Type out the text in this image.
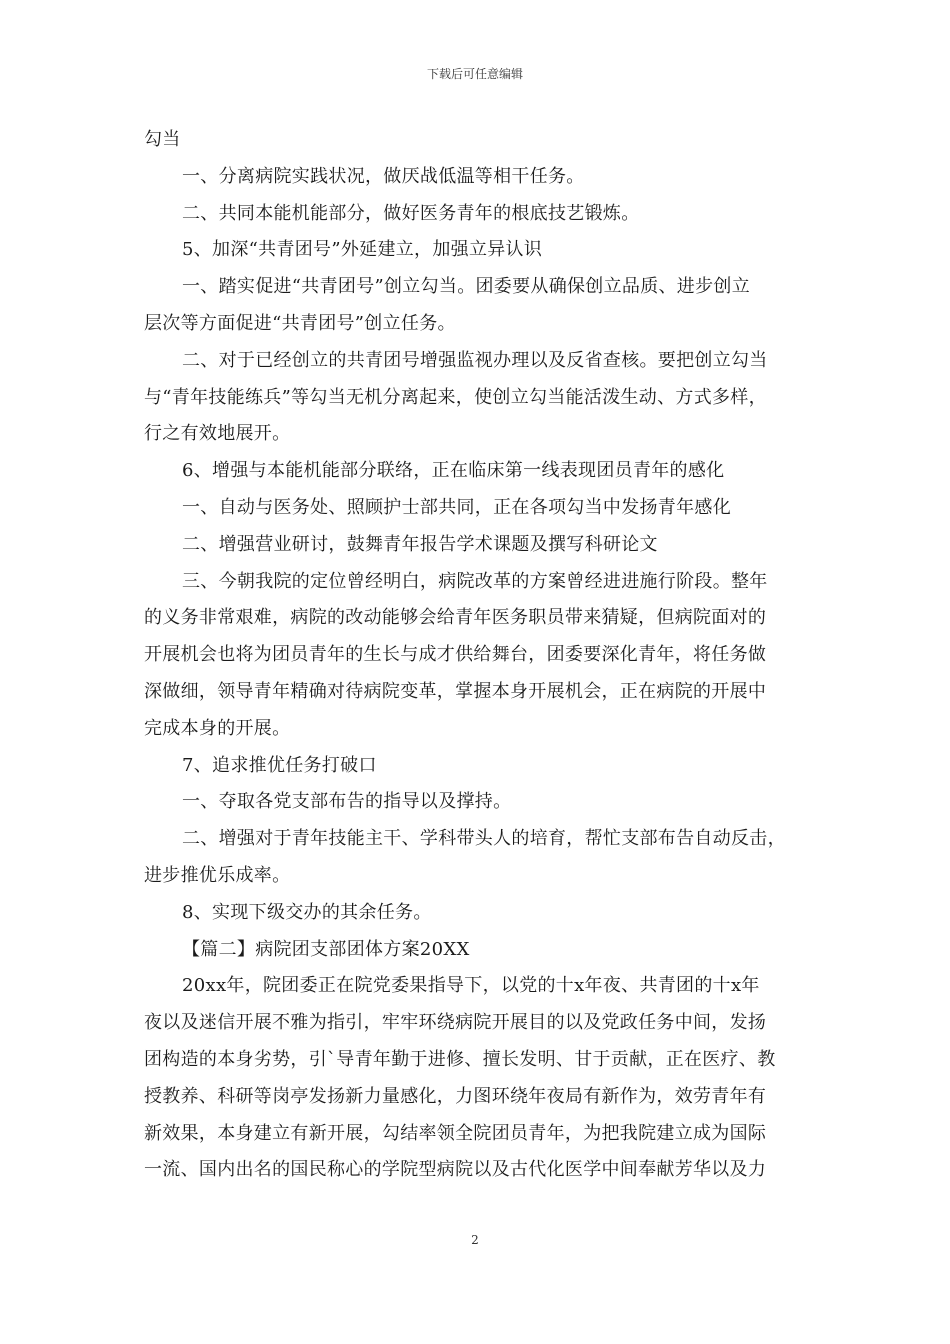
下载后可任意编辑
勾当
一、分离病院实践状况，做厌战低温等相干任务。
二、共同本能机能部分，做好医务青年的根底技艺锻炼。
5、加深“共青团号”外延建立，加强立异认识
一、踏实促进“共青团号”创立勾当。团委要从确保创立品质、进步创立
层次等方面促进“共青团号”创立任务。
二、对于已经创立的共青团号增强监视办理以及反省查核。要把创立勾当
与“青年技能练兵”等勾当无机分离起来，使创立勾当能活泼生动、方式多样，
行之有效地展开。
6、增强与本能机能部分联络，正在临床第一线表现团员青年的感化
一、自动与医务处、照顾护士部共同，正在各项勾当中发扬青年感化
二、增强营业研讨，鼓舞青年报告学术课题及撰写科研论文
三、今朝我院的定位曾经明白，病院改革的方案曾经进进施行阶段。整年
的义务非常艰难，病院的改动能够会给青年医务职员带来猜疑，但病院面对的
开展机会也将为团员青年的生长与成才供给舞台，团委要深化青年，将任务做
深做细，领导青年精确对待病院变革，掌握本身开展机会，正在病院的开展中
完成本身的开展。
7、追求推优任务打破口
一、夺取各党支部布告的指导以及撑持。
二、增强对于青年技能主干、学科带头人的培育，帮忙支部布告自动反击，
进步推优乐成率。
8、实现下级交办的其余任务。
【篇二】病院团支部团体方案20XX
20xx年，院团委正在院党委果指导下，以党的十x年夜、共青团的十x年
夜以及迷信开展不雅为指引，牢牢环绕病院开展目的以及党政任务中间，发扬
团构造的本身劣势，引`导青年勤于进修、擅长发明、甘于贡献，正在医疗、教
授教养、科研等岗亭发扬新力量感化，力图环绕年夜局有新作为，效劳青年有
新效果，本身建立有新开展，勾结率领全院团员青年，为把我院建立成为国际
一流、国内出名的国民称心的学院型病院以及古代化医学中间奉献芳华以及力
2
